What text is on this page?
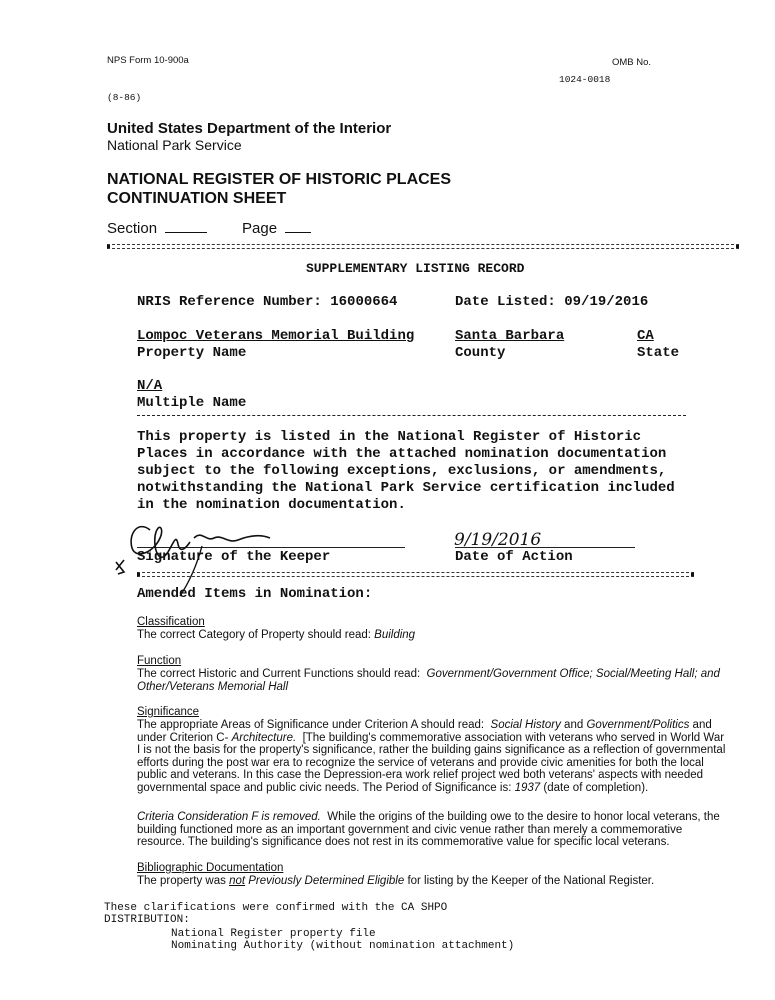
NPS Form 10-900a	OMB No.
1024-0018
(8-86)
United States Department of the Interior
National Park Service
NATIONAL REGISTER OF HISTORIC PLACES
CONTINUATION SHEET
Section	Page
SUPPLEMENTARY LISTING RECORD
NRIS Reference Number: 16000664	Date Listed: 09/19/2016
Lompoc Veterans Memorial Building
Property Name
Santa Barbara
County
CA
State
N/A
Multiple Name
This property is listed in the National Register of Historic
Places in accordance with the attached nomination documentation
subject to the following exceptions, exclusions, or amendments,
notwithstanding the National Park Service certification included
in the nomination documentation.
9/19/2016
Signature of the Keeper	Date of Action
Amended Items in Nomination:
Classification
The correct Category of Property should read: Building
Function
The correct Historic and Current Functions should read: Government/Government Office; Social/Meeting Hall; and Other/Veterans Memorial Hall
Significance
The appropriate Areas of Significance under Criterion A should read: Social History and Government/Politics and under Criterion C- Architecture. [The building's commemorative association with veterans who served in World War I is not the basis for the property's significance, rather the building gains significance as a reflection of governmental efforts during the post war era to recognize the service of veterans and provide civic amenities for both the local public and veterans. In this case the Depression-era work relief project wed both veterans' aspects with needed governmental space and public civic needs. The Period of Significance is: 1937 (date of completion).
Criteria Consideration F is removed. While the origins of the building owe to the desire to honor local veterans, the building functioned more as an important government and civic venue rather than merely a commemorative resource. The building's significance does not rest in its commemorative value for specific local veterans.
Bibliographic Documentation
The property was not Previously Determined Eligible for listing by the Keeper of the National Register.
These clarifications were confirmed with the CA SHPO
DISTRIBUTION:
National Register property file
Nominating Authority (without nomination attachment)
